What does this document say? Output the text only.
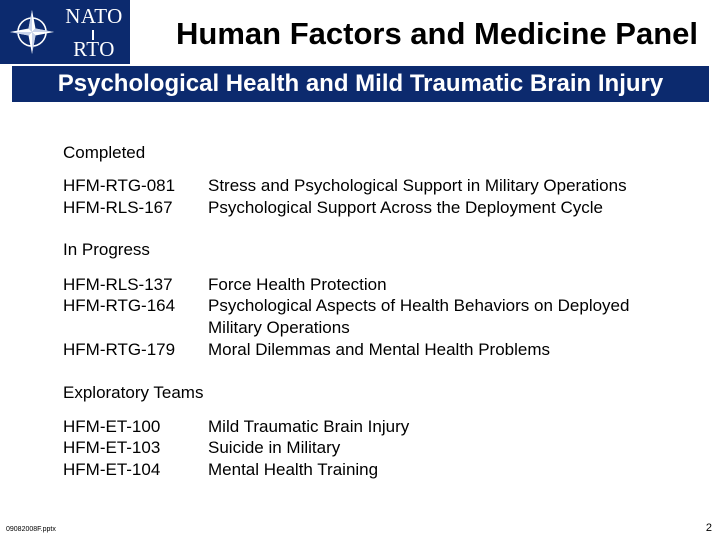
NATO
RTO	Human Factors and Medicine Panel
Psychological Health and Mild Traumatic Brain Injury
Completed
HFM-RTG-081 Stress and Psychological Support in Military Operations
HFM-RLS-167 Psychological Support Across the Deployment Cycle
In Progress
HFM-RLS-137 Force Health Protection
HFM-RTG-164 Psychological Aspects of Health Behaviors on Deployed
Military Operations
HFM-RTG-179 Moral Dilemmas and Mental Health Problems
Exploratory Teams
HFM-ET-100	Mild Traumatic Brain Injury
HFM-ET-103	Suicide in Military
HFM-ET-104	Mental Health Training
09082008F.pptx	2
